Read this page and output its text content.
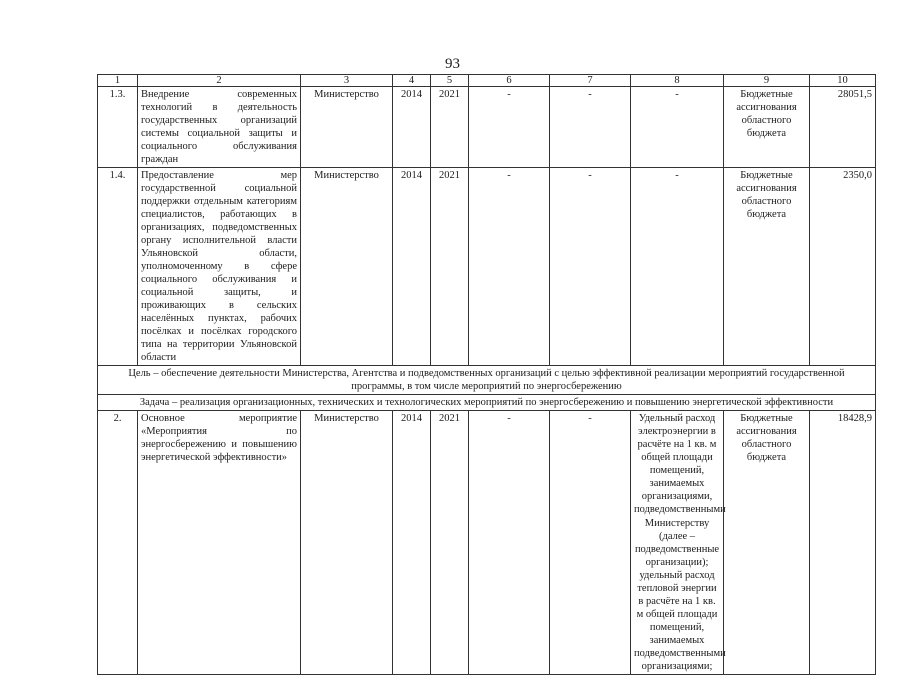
93
1	2	3	4	5	6	7	8	9	10
1.3.	Внедрение современных технологий в деятельность государственных организаций системы социальной защиты и социального обслуживания граждан	Министерство	2014	2021	-	-	-	Бюджетные ассигнования областного бюджета	28051,5
1.4.	Предоставление мер государственной социальной поддержки отдельным категориям специалистов, работающих в организациях, подведомственных органу исполнительной власти Ульяновской области, уполномоченному в сфере социального обслуживания и социальной защиты, и проживающих в сельских населённых пунктах, рабочих посёлках и посёлках городского типа на территории Ульяновской области	Министерство	2014	2021	-	-	-	Бюджетные ассигнования областного бюджета	2350,0
Цель – обеспечение деятельности Министерства, Агентства и подведомственных организаций с целью эффективной реализации мероприятий государственной программы, в том числе мероприятий по энергосбережению									
Задача – реализация организационных, технических и технологических мероприятий по энергосбережению и повышению энергетической эффективности									
2.	Основное мероприятие «Мероприятия по энергосбережению и повышению энергетической эффективности»	Министерство	2014	2021	-	-	Удельный расход электроэнергии в расчёте на 1 кв. м общей площади помещений, занимаемых организациями, подведомственными Министерству (далее – подведомственные организации); удельный расход тепловой энергии в расчёте на 1 кв. м общей площади помещений, занимаемых подведомственными организациями;	Бюджетные ассигнования областного бюджета	18428,9
